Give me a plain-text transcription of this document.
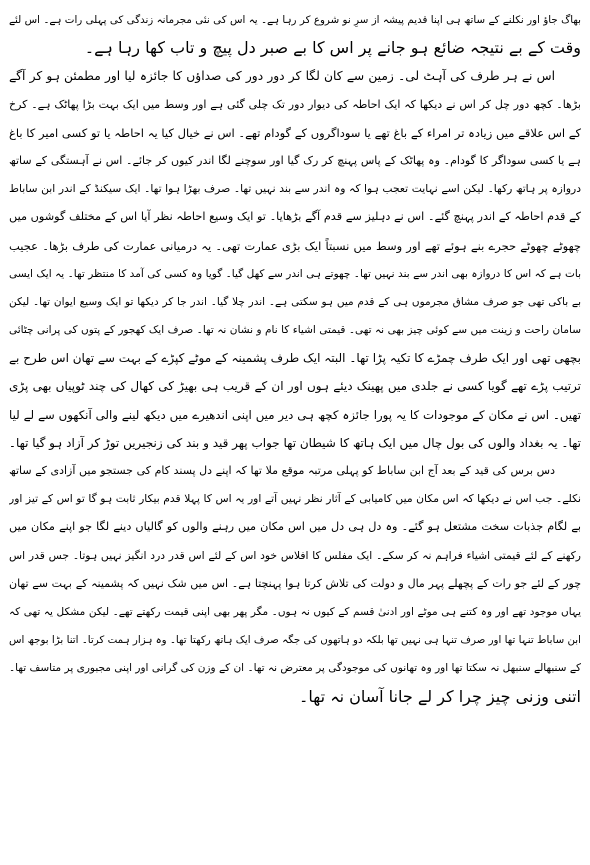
بھاگ جاؤ اور نکلنے کے ساتھ ہی اپنا قدیم پیشہ از سرِ نو شروع کر رہا ہے۔ یہ اس کی نئی مجرمانہ زندگی کی پہلی رات ہے۔ اس لئے
وقت کے بے نتیجہ ضائع ہو جانے پر اس کا بے صبر دل پیچ و تاب کھا رہا ہے۔
اس نے ہر طرف کی آہٹ لی۔ زمین سے کان لگا کر دور دور کی صداؤں کا جائزہ لیا اور مطمئن ہو کر آگے
بڑھا۔ کچھ دور چل کر اس نے دیکھا کہ ایک احاطہ کی دیوار دور تک چلی گئی ہے اور وسط میں ایک بہت بڑا پھاٹک ہے۔ کرخ
کے اس علاقے میں زیادہ تر امراء کے باغ تھے یا سوداگروں کے گودام تھے۔ اس نے خیال کیا یہ احاطہ یا تو کسی امیر کا باغ
ہے یا کسی سوداگر کا گودام۔ وہ پھاٹک کے پاس پہنچ کر رک گیا اور سوچنے لگا اندر کیوں کر جائے۔ اس نے آہستگی کے ساتھ
دروازہ پر ہاتھ رکھا۔ لیکن اسے نہایت تعجب ہوا کہ وہ اندر سے بند نہیں تھا۔ صرف بھڑا ہوا تھا۔ ایک سیکنڈ کے اندر ابن ساباط
کے قدم احاطہ کے اندر پہنچ گئے۔ اس نے دہلیز سے قدم آگے بڑھایا۔ تو ایک وسیع احاطہ نظر آیا اس کے مختلف گوشوں میں
چھوٹے چھوٹے حجرے بنے ہوئے تھے اور وسط میں نسبتاً ایک بڑی عمارت تھی۔ یہ درمیانی عمارت کی طرف بڑھا۔ عجیب
بات ہے کہ اس کا دروازہ بھی اندر سے بند نہیں تھا۔ چھوتے ہی اندر سے کھل گیا۔ گویا وہ کسی کی آمد کا منتظر تھا۔ یہ ایک ایسی
بے باکی تھی جو صرف مشاق مجرموں ہی کے قدم میں ہو سکتی ہے۔ اندر چلا گیا۔ اندر جا کر دیکھا تو ایک وسیع ایوان تھا۔ لیکن
سامان راحت و زینت میں سے کوئی چیز بھی نہ تھی۔ قیمتی اشیاء کا نام و نشان نہ تھا۔ صرف ایک کھجور کے پتوں کی پرانی چٹائی
بچھی تھی اور ایک طرف چمڑے کا تکیہ پڑا تھا۔ البتہ ایک طرف پشمینہ کے موٹے کپڑے کے بہت سے تھان اس طرح بے
ترتیب پڑے تھے گویا کسی نے جلدی میں پھینک دیئے ہوں اور ان کے قریب ہی بھیڑ کی کھال کی چند ٹوپیاں بھی پڑی
تھیں۔ اس نے مکان کے موجودات کا یہ پورا جائزہ کچھ ہی دیر میں اپنی اندھیرے میں دیکھ لینے والی آنکھوں سے لے لیا
تھا۔ یہ بغداد والوں کی بول چال میں ایک ہاتھ کا شیطان تھا جواب پھر قید و بند کی زنجیریں توڑ کر آزاد ہو گیا تھا۔
دس برس کی قید کے بعد آج ابن ساباط کو پہلی مرتبہ موقع ملا تھا کہ اپنے دل پسند کام کی جستجو میں آزادی کے ساتھ
نکلے۔ جب اس نے دیکھا کہ اس مکان میں کامیابی کے آثار نظر نہیں آتے اور یہ اس کا پہلا قدم بیکار ثابت ہو گا تو اس کے تیز اور
بے لگام جذبات سخت مشتعل ہو گئے۔ وہ دل ہی دل میں اس مکان میں رہنے والوں کو گالیاں دینے لگا جو اپنے مکان میں
رکھنے کے لئے قیمتی اشیاء فراہم نہ کر سکے۔ ایک مفلس کا افلاس خود اس کے لئے اس قدر درد انگیز نہیں ہوتا۔ جس قدر اس
چور کے لئے جو رات کے پچھلے پہر مال و دولت کی تلاش کرتا ہوا پہنچتا ہے۔ اس میں شک نہیں کہ پشمینہ کے بہت سے تھان
یہاں موجود تھے اور وہ کتنے ہی موٹے اور ادنیٰ قسم کے کیوں نہ ہوں۔ مگر پھر بھی اپنی قیمت رکھتے تھے۔ لیکن مشکل یہ تھی کہ
ابن ساباط تنہا تھا اور صرف تنہا ہی نہیں تھا بلکہ دو ہاتھوں کی جگہ صرف ایک ہاتھ رکھتا تھا۔ وہ ہزار ہمت کرتا۔ اتنا بڑا بوجھ اس
کے سنبھالے سنبھل نہ سکتا تھا اور وہ تھانوں کی موجودگی پر معترض نہ تھا۔ ان کے وزن کی گرانی اور اپنی مجبوری پر متاسف تھا۔
اتنی وزنی چیز چرا کر لے جانا آسان نہ تھا۔
